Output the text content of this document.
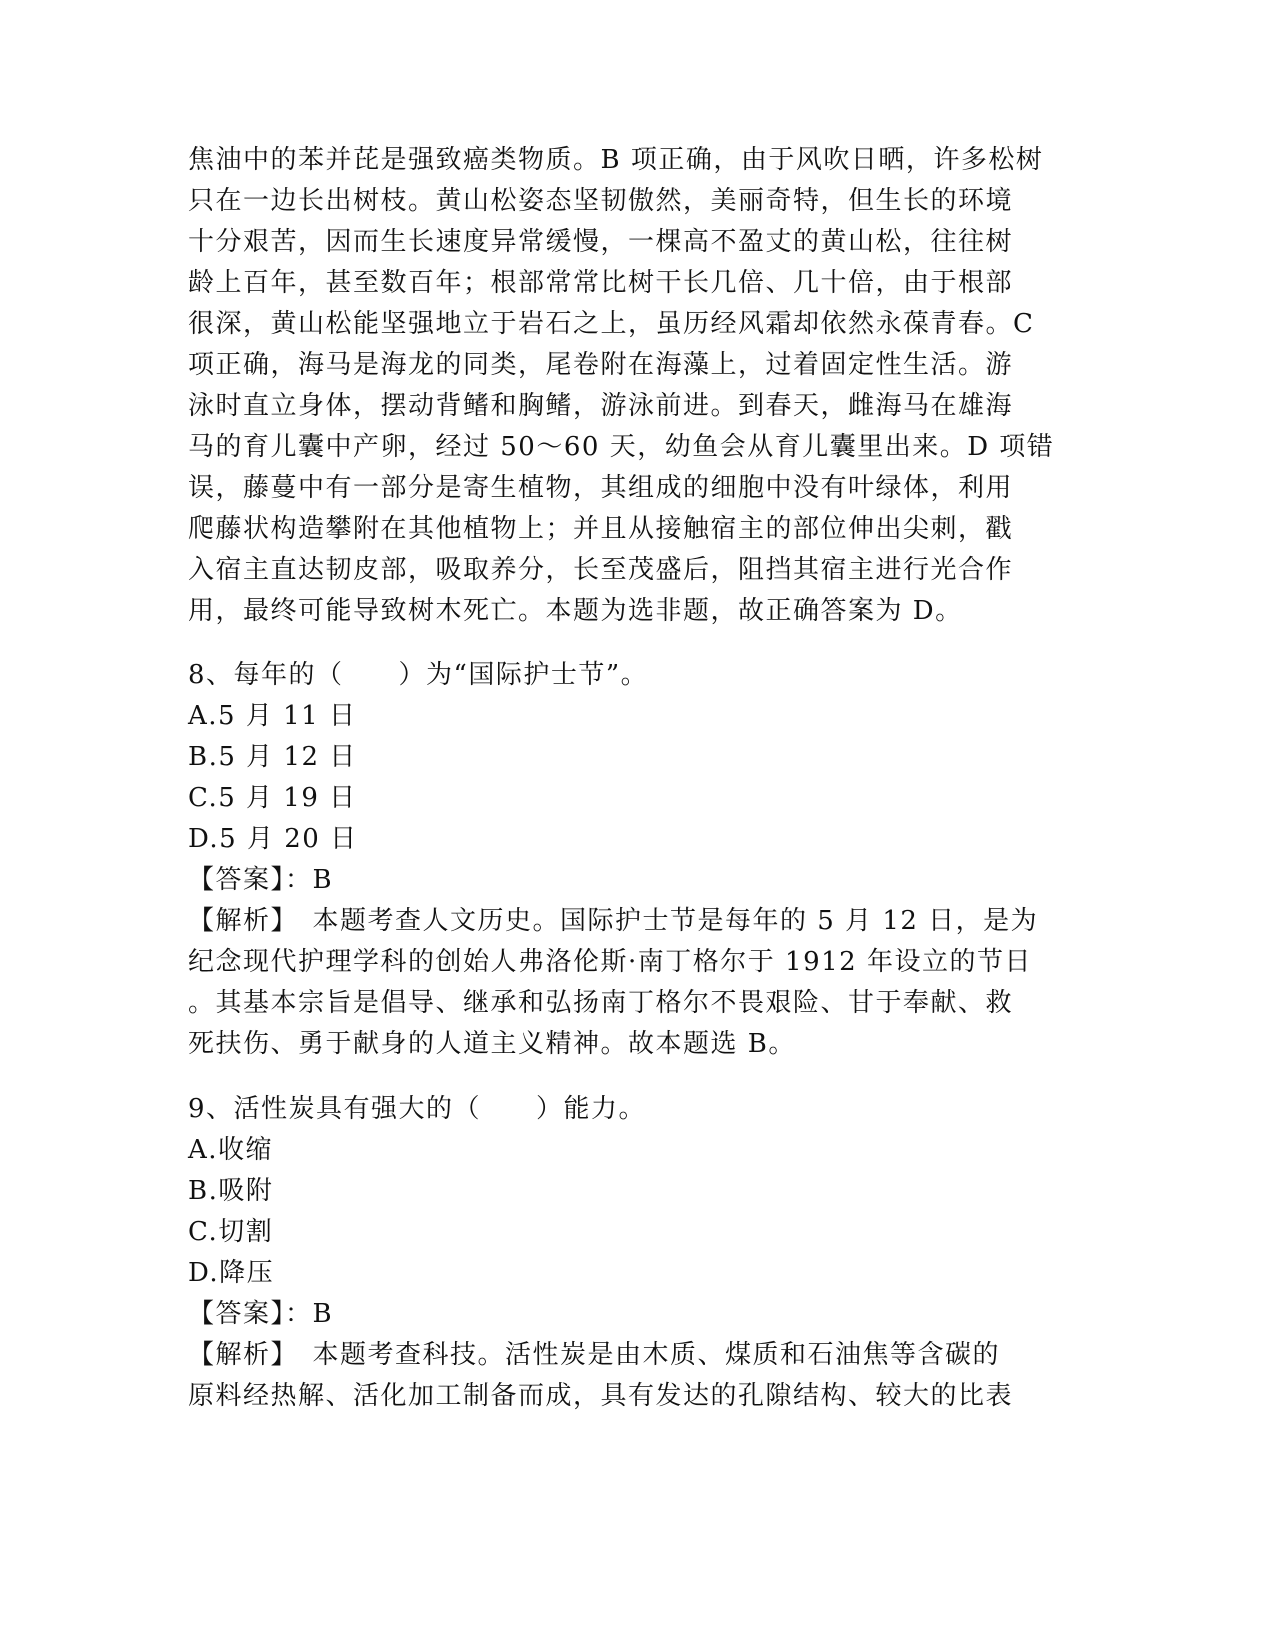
焦油中的苯并芘是强致癌类物质。B 项正确，由于风吹日晒，许多松树
只在一边长出树枝。黄山松姿态坚韧傲然，美丽奇特，但生长的环境
十分艰苦，因而生长速度异常缓慢，一棵高不盈丈的黄山松，往往树
龄上百年，甚至数百年；根部常常比树干长几倍、几十倍，由于根部
很深，黄山松能坚强地立于岩石之上，虽历经风霜却依然永葆青春。C
项正确，海马是海龙的同类，尾卷附在海藻上，过着固定性生活。游
泳时直立身体，摆动背鳍和胸鳍，游泳前进。到春天，雌海马在雄海
马的育儿囊中产卵，经过 50～60 天，幼鱼会从育儿囊里出来。D 项错
误，藤蔓中有一部分是寄生植物，其组成的细胞中没有叶绿体，利用
爬藤状构造攀附在其他植物上；并且从接触宿主的部位伸出尖刺，戳
入宿主直达韧皮部，吸取养分，长至茂盛后，阻挡其宿主进行光合作
用，最终可能导致树木死亡。本题为选非题，故正确答案为 D。
8、每年的（　　）为“国际护士节”。
A.5 月 11 日
B.5 月 12 日
C.5 月 19 日
D.5 月 20 日
【答案】：B
【解析】　本题考查人文历史。国际护士节是每年的 5 月 12 日，是为
纪念现代护理学科的创始人弗洛伦斯·南丁格尔于 1912 年设立的节日
。其基本宗旨是倡导、继承和弘扬南丁格尔不畏艰险、甘于奉献、救
死扶伤、勇于献身的人道主义精神。故本题选 B。
9、活性炭具有强大的（　　）能力。
A.收缩
B.吸附
C.切割
D.降压
【答案】：B
【解析】　本题考查科技。活性炭是由木质、煤质和石油焦等含碳的
原料经热解、活化加工制备而成，具有发达的孔隙结构、较大的比表
